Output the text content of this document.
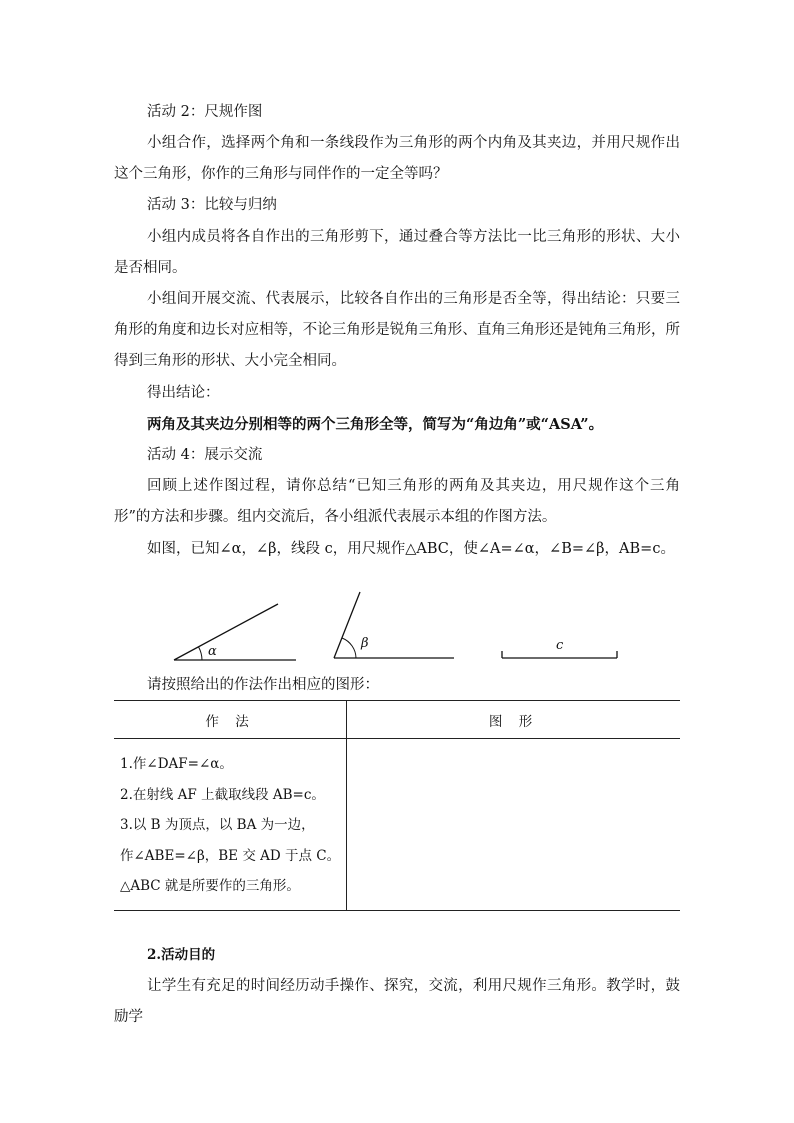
活动 2：尺规作图

小组合作，选择两个角和一条线段作为三角形的两个内角及其夹边，并用尺规作出这个三角形，你作的三角形与同伴作的一定全等吗？

活动 3：比较与归纳

小组内成员将各自作出的三角形剪下，通过叠合等方法比一比三角形的形状、大小是否相同。

小组间开展交流、代表展示，比较各自作出的三角形是否全等，得出结论：只要三角形的角度和边长对应相等，不论三角形是锐角三角形、直角三角形还是钝角三角形，所得到三角形的形状、大小完全相同。

得出结论：

两角及其夹边分别相等的两个三角形全等，简写为“角边角”或“ASA”。

活动 4：展示交流

回顾上述作图过程，请你总结“已知三角形的两角及其夹边，用尺规作这个三角形”的方法和步骤。组内交流后，各小组派代表展示本组的作图方法。

如图，已知∠α，∠β，线段 c，用尺规作△ABC，使∠A=∠α，∠B=∠β，AB=c。

α
β	c

请按照给出的作法作出相应的图形：

作 法	图 形

1.作∠DAF=∠α。
2.在射线 AF 上截取线段 AB=c。
3.以 B 为顶点，以 BA 为一边，
作∠ABE=∠β，BE 交 AD 于点 C。
△ABC 就是所要作的三角形。	

2.活动目的

让学生有充足的时间经历动手操作、探究，交流，利用尺规作三角形。教学时，鼓励学
